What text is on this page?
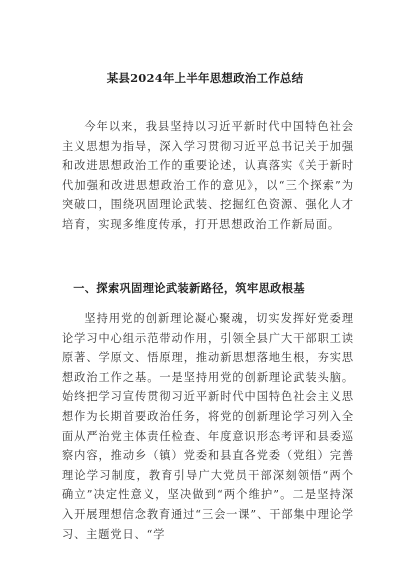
某县2024年上半年思想政治工作总结

今年以来，我县坚持以习近平新时代中国特色社会主义思想为指导，深入学习贯彻习近平总书记关于加强和改进思想政治工作的重要论述，认真落实《关于新时代加强和改进思想政治工作的意见》，以“三个探索”为突破口，围绕巩固理论武装、挖掘红色资源、强化人才培育，实现多维度传承，打开思想政治工作新局面。

一、探索巩固理论武装新路径，筑牢思政根基

坚持用党的创新理论凝心聚魂，切实发挥好党委理论学习中心组示范带动作用，引领全县广大干部职工读原著、学原文、悟原理，推动新思想落地生根，夯实思想政治工作之基。一是坚持用党的创新理论武装头脑。始终把学习宣传贯彻习近平新时代中国特色社会主义思想作为长期首要政治任务，将党的创新理论学习列入全面从严治党主体责任检查、年度意识形态考评和县委巡察内容，推动乡（镇）党委和县直各党委（党组）完善理论学习制度，教育引导广大党员干部深刻领悟“两个确立”决定性意义，坚决做到“两个维护”。二是坚持深入开展理想信念教育通过“三会一课”、干部集中理论学习、主题党日、“学
